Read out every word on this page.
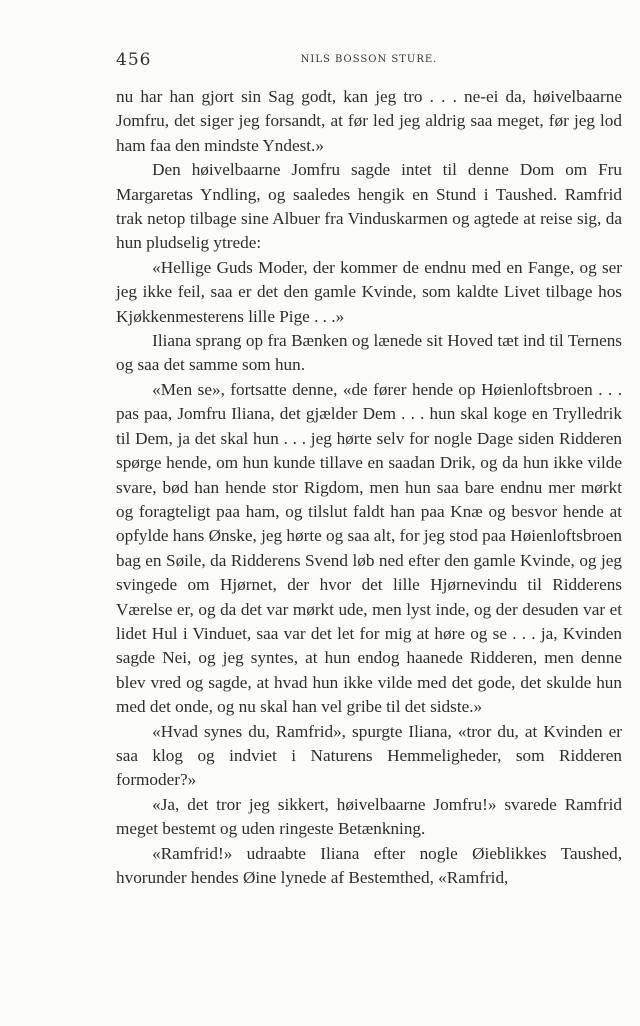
456	NILS BOSSON STURE.

nu har han gjort sin Sag godt, kan jeg tro . . . ne-ei da, høivelbaarne Jomfru, det siger jeg forsandt, at før led jeg aldrig saa meget, før jeg lod ham faa den mindste Yndest.»

Den høivelbaarne Jomfru sagde intet til denne Dom om Fru Margaretas Yndling, og saaledes hengik en Stund i Taushed. Ramfrid trak netop tilbage sine Albuer fra Vinduskarmen og agtede at reise sig, da hun pludselig ytrede:

«Hellige Guds Moder, der kommer de endnu med en Fange, og ser jeg ikke feil, saa er det den gamle Kvinde, som kaldte Livet tilbage hos Kjøkkenmesterens lille Pige . . .»

Iliana sprang op fra Bænken og lænede sit Hoved tæt ind til Ternens og saa det samme som hun.

«Men se», fortsatte denne, «de fører hende op Høienloftsbroen . . . pas paa, Jomfru Iliana, det gjælder Dem . . . hun skal koge en Trylledrik til Dem, ja det skal hun . . . jeg hørte selv for nogle Dage siden Ridderen spørge hende, om hun kunde tillave en saadan Drik, og da hun ikke vilde svare, bød han hende stor Rigdom, men hun saa bare endnu mer mørkt og foragteligt paa ham, og tilslut faldt han paa Knæ og besvor hende at opfylde hans Ønske, jeg hørte og saa alt, for jeg stod paa Høienloftsbroen bag en Søile, da Ridderens Svend løb ned efter den gamle Kvinde, og jeg svingede om Hjørnet, der hvor det lille Hjørnevindu til Ridderens Værelse er, og da det var mørkt ude, men lyst inde, og der desuden var et lidet Hul i Vinduet, saa var det let for mig at høre og se . . . ja, Kvinden sagde Nei, og jeg syntes, at hun endog haanede Ridderen, men denne blev vred og sagde, at hvad hun ikke vilde med det gode, det skulde hun med det onde, og nu skal han vel gribe til det sidste.»

«Hvad synes du, Ramfrid», spurgte Iliana, «tror du, at Kvinden er saa klog og indviet i Naturens Hemmeligheder, som Ridderen formoder?»

«Ja, det tror jeg sikkert, høivelbaarne Jomfru!» svarede Ramfrid meget bestemt og uden ringeste Betænkning.

«Ramfrid!» udraabte Iliana efter nogle Øieblikkes Taushed, hvorunder hendes Øine lynede af Bestemthed, «Ramfrid,
